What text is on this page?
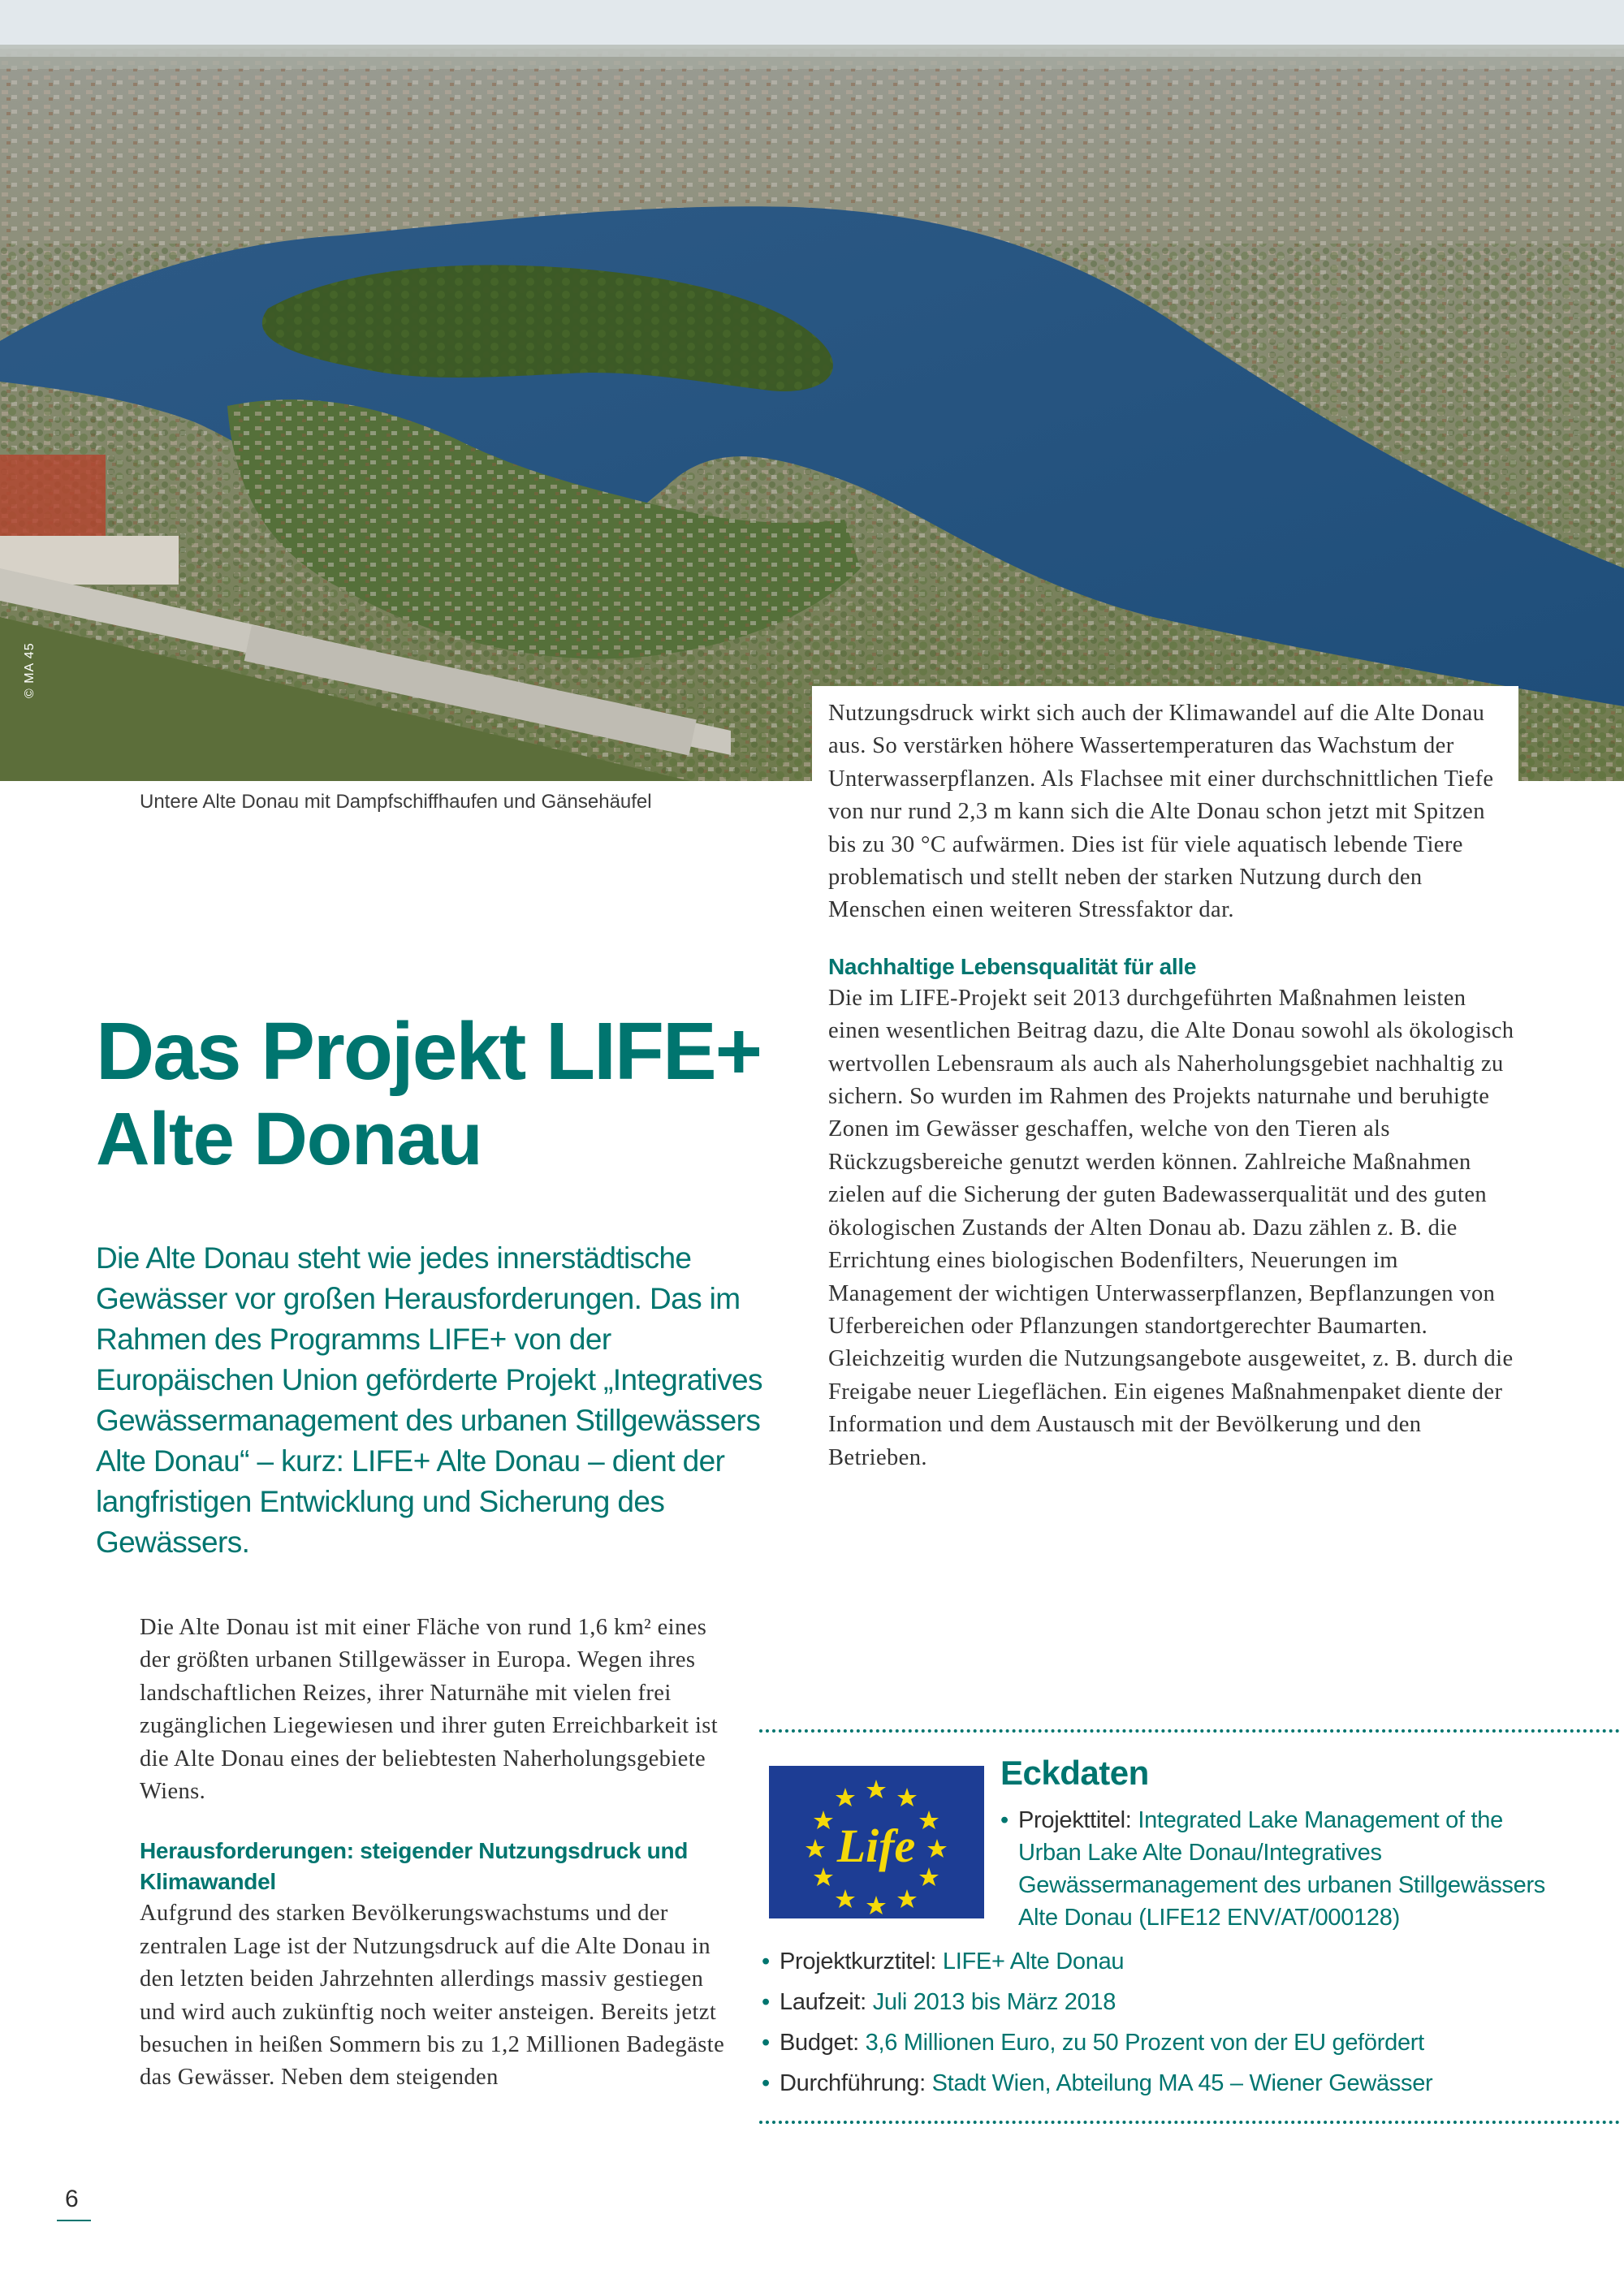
© MA 45
Untere Alte Donau mit Dampfschiffhaufen und Gänsehäufel

Nutzungsdruck wirkt sich auch der Klimawandel auf die Alte Donau aus. So verstärken höhere Wassertemperaturen das Wachstum der Unterwasserpflanzen. Als Flachsee mit einer durchschnittlichen Tiefe von nur rund 2,3 m kann sich die Alte Donau schon jetzt mit Spitzen bis zu 30 °C aufwärmen. Dies ist für viele aquatisch lebende Tiere problematisch und stellt neben der starken Nutzung durch den Menschen einen weiteren Stressfaktor dar.

Nachhaltige Lebensqualität für alle

Die im LIFE-Projekt seit 2013 durchgeführten Maßnahmen leisten einen wesentlichen Beitrag dazu, die Alte Donau sowohl als ökologisch wertvollen Lebensraum als auch als Naherholungsgebiet nachhaltig zu sichern. So wurden im Rahmen des Projekts naturnahe und beruhigte Zonen im Gewässer geschaffen, welche von den Tieren als Rückzugsbereiche genutzt werden können. Zahlreiche Maßnahmen zielen auf die Sicherung der guten Badewasserqualität und des guten ökologischen Zustands der Alten Donau ab. Dazu zählen z. B. die Errichtung eines biologischen Bodenfilters, Neuerungen im Management der wichtigen Unterwasserpflanzen, Bepflanzungen von Uferbereichen oder Pflanzungen standortgerechter Baumarten. Gleichzeitig wurden die Nutzungsangebote ausgeweitet, z. B. durch die Freigabe neuer Liegeflächen. Ein eigenes Maßnahmenpaket diente der Information und dem Austausch mit der Bevölkerung und den Betrieben.

Das Projekt LIFE+
Alte Donau

Die Alte Donau steht wie jedes innerstädtische Gewässer vor großen Herausforderungen. Das im Rahmen des Programms LIFE+ von der Europäischen Union geförderte Projekt „Integratives Gewässermanagement des urbanen Stillgewässers Alte Donau“ – kurz: LIFE+ Alte Donau – dient der langfristigen Entwicklung und Sicherung des Gewässers.

Die Alte Donau ist mit einer Fläche von rund 1,6 km² eines der größten urbanen Stillgewässer in Europa. Wegen ihres landschaftlichen Reizes, ihrer Naturnähe mit vielen frei zugänglichen Liegewiesen und ihrer guten Erreichbarkeit ist die Alte Donau eines der beliebtesten Naherholungsgebiete Wiens.

Herausforderungen: steigender Nutzungsdruck und Klimawandel

Aufgrund des starken Bevölkerungswachstums und der zentralen Lage ist der Nutzungsdruck auf die Alte Donau in den letzten beiden Jahrzehnten allerdings massiv gestiegen und wird auch zukünftig noch weiter ansteigen. Bereits jetzt besuchen in heißen Sommern bis zu 1,2 Millionen Badegäste das Gewässer. Neben dem steigenden

Life
Eckdaten
• Projekttitel: Integrated Lake Management of the Urban Lake Alte Donau/Integratives Gewässermanagement des urbanen Stillgewässers Alte Donau (LIFE12 ENV/AT/000128)
• Projektkurztitel: LIFE+ Alte Donau
• Laufzeit: Juli 2013 bis März 2018
• Budget: 3,6 Millionen Euro, zu 50 Prozent von der EU gefördert
• Durchführung: Stadt Wien, Abteilung MA 45 – Wiener Gewässer
6
